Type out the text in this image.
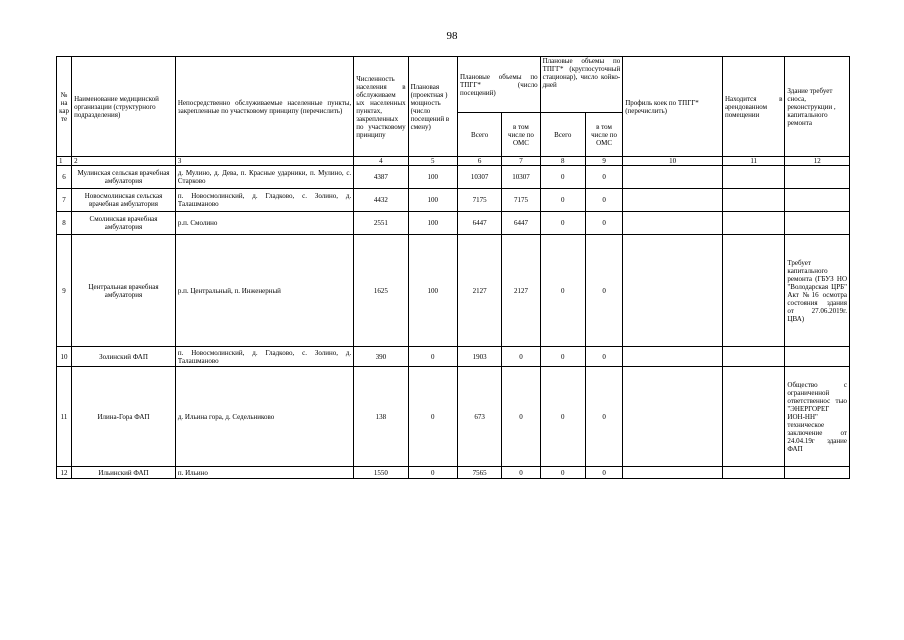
98
№ на кар те	Наименование медицинской организации (структурного подразделения)	Непосредственно обслуживаемые населенные пункты, закрепленные по участковому принципу (перечислить)	Численность населения в обслуживаем ых населенных пунктах, закрепленных по участковому принципу	Плановая (проектная ) мощность (число посещений в смену)	Плановые объемы по ТПГГ* (число посещений)		Плановые объемы по ТПГГ* (круглосуточный стационар), число койко-дней		Профиль коек по ТПГГ* (перечислить)	Находится в арендованном помещении	Здание требует сноса, реконструкции , капитального ремонта
					Всего	в том числе по ОМС	Всего	в том числе по ОМС			
1	2	3	4	5	6	7	8	9	10	11	12
6	Мулинская сельская врачебная амбулатория	д. Мулино, д. Дева, п. Красные ударники, п. Мулино, с. Старково	4387	100	10307	10307	0	0			
7	Новосмолинская сельская врачебная амбулатория	п. Новосмолинский, д. Гладково, с. Золино, д. Талашманово	4432	100	7175	7175	0	0			
8	Смолинская врачебная амбулатория	р.п. Смолино	2551	100	6447	6447	0	0			
9	Центральная врачебная амбулатория	р.п. Центральный, п. Инженерный	1625	100	2127	2127	0	0			Требует капитального ремонта (ГБУЗ НО "Володарская ЦРБ" Акт №16 осмотра состояния здания от 27.06.2019г. ЦВА)
10	Золинский ФАП	п. Новосмолинский, д. Гладково, с. Золино, д. Талашманово	390	0	1903	0	0	0			
11	Илина-Гора ФАП	д. Ильина гора, д. Седельниково	138	0	673	0	0	0			Общество с ограниченной ответственнос тью "ЭНЕРГОРЕГ ИОН-НН" техническое заключение от 24.04.19г здание ФАП
12	Ильинский ФАП	п. Ильино	1550	0	7565	0	0	0			
